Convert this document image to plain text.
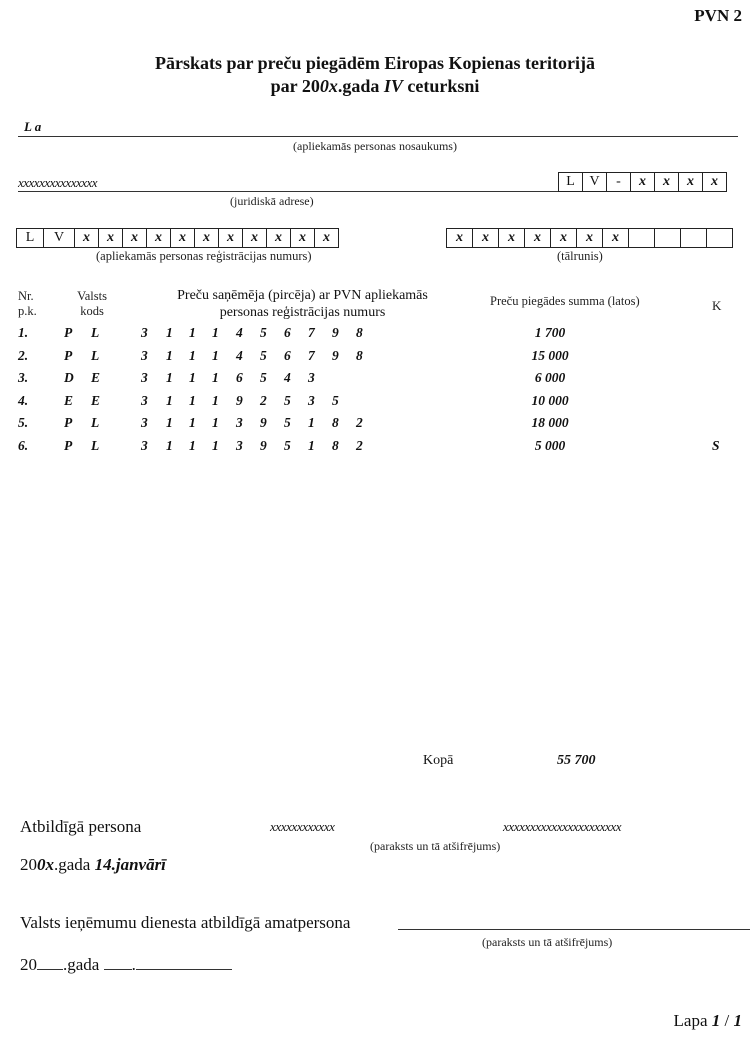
PVN 2
Pārskats par preču piegādēm Eiropas Kopienas teritorijā
par 200x.gada IV ceturksni
L a
(apliekamās personas nosaukums)
xxxxxxxxxxxxxxx
(juridiskā adrese)
L	V	-	x	x	x	x
L	V	x	x	x	x	x	x	x	x	x	x	x
(apliekamās personas reģistrācijas numurs)
x	x	x	x	x	x	x
(tālrunis)
Nr.
p.k.
Valsts
kods
Preču saņēmēja (pircēja) ar PVN apliekamās
personas reģistrācijas numurs
Preču piegādes summa (latos)	K
1.	P	L	3	1	1	1	4	5	6	7	9	8	1 700
2.	P	L	3	1	1	1	4	5	6	7	9	8	15 000
3.	D	E	3	1	1	1	6	5	4	3	6 000
4.	E	E	3	1	1	1	9	2	5	3	5	10 000
5.	P	L	3	1	1	1	3	9	5	1	8	2	18 000
6.	P	L	3	1	1	1	3	9	5	1	8	2	5 000	S
Kopā	55 700
Atbildīgā persona	xxxxxxxxxxxx	xxxxxxxxxxxxxxxxxxxxxx
(paraksts un tā atšifrējums)
200x.gada 14.janvārī
Valsts ieņēmumu dienesta atbildīgā amatpersona
(paraksts un tā atšifrējums)
20 .gada .
Lapa 1 / 1
